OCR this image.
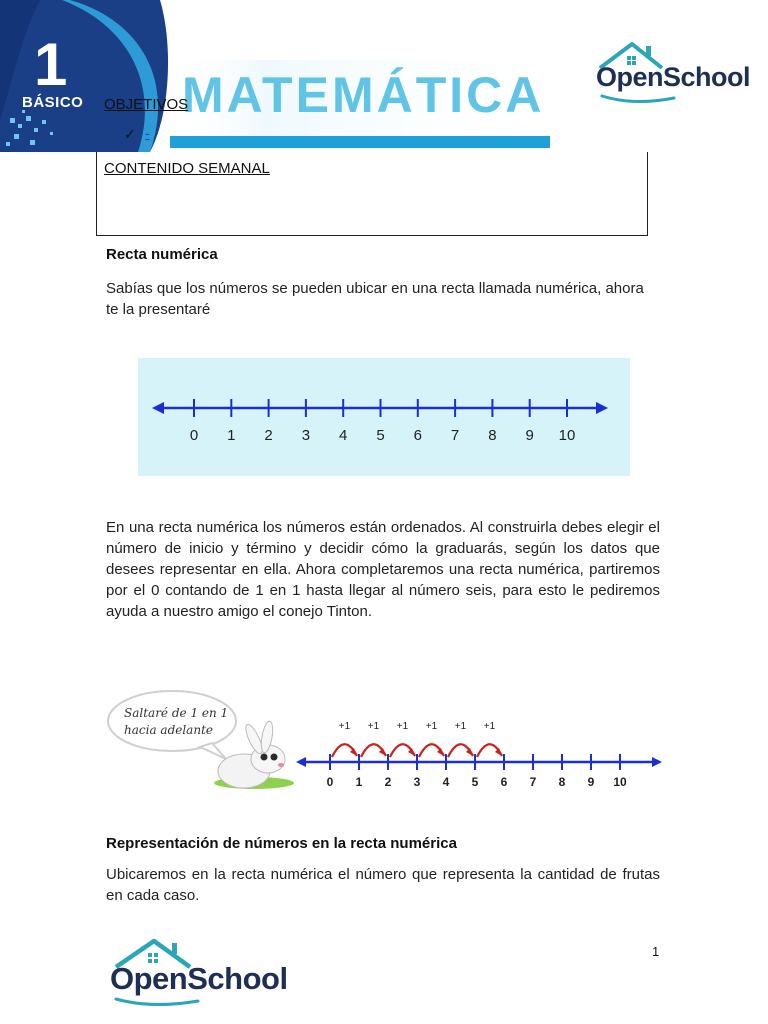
1
BÁSICO MATEMÁTICA OpenSchool
OBJETIVOS
✓ -
CONTENIDO SEMANAL
Recta numérica
Sabías que los números se pueden ubicar en una recta llamada numérica, ahora te la presentaré
0 1 2 3 4 5 6 7 8 9 10
En una recta numérica los números están ordenados. Al construirla debes elegir el número de inicio y término y decidir cómo la graduarás, según los datos que desees representar en ella. Ahora completaremos una recta numérica, partiremos por el 0 contando de 1 en 1 hasta llegar al número seis, para esto le pediremos ayuda a nuestro amigo el conejo Tinton.
Saltaré de 1 en 1
hacia adelante
0 1 2 3 4 5 6 7 8 9 10
+1 +1 +1 +1 +1 +1
Representación de números en la recta numérica
Ubicaremos en la recta numérica el número que representa la cantidad de frutas en cada caso.
OpenSchool
1
